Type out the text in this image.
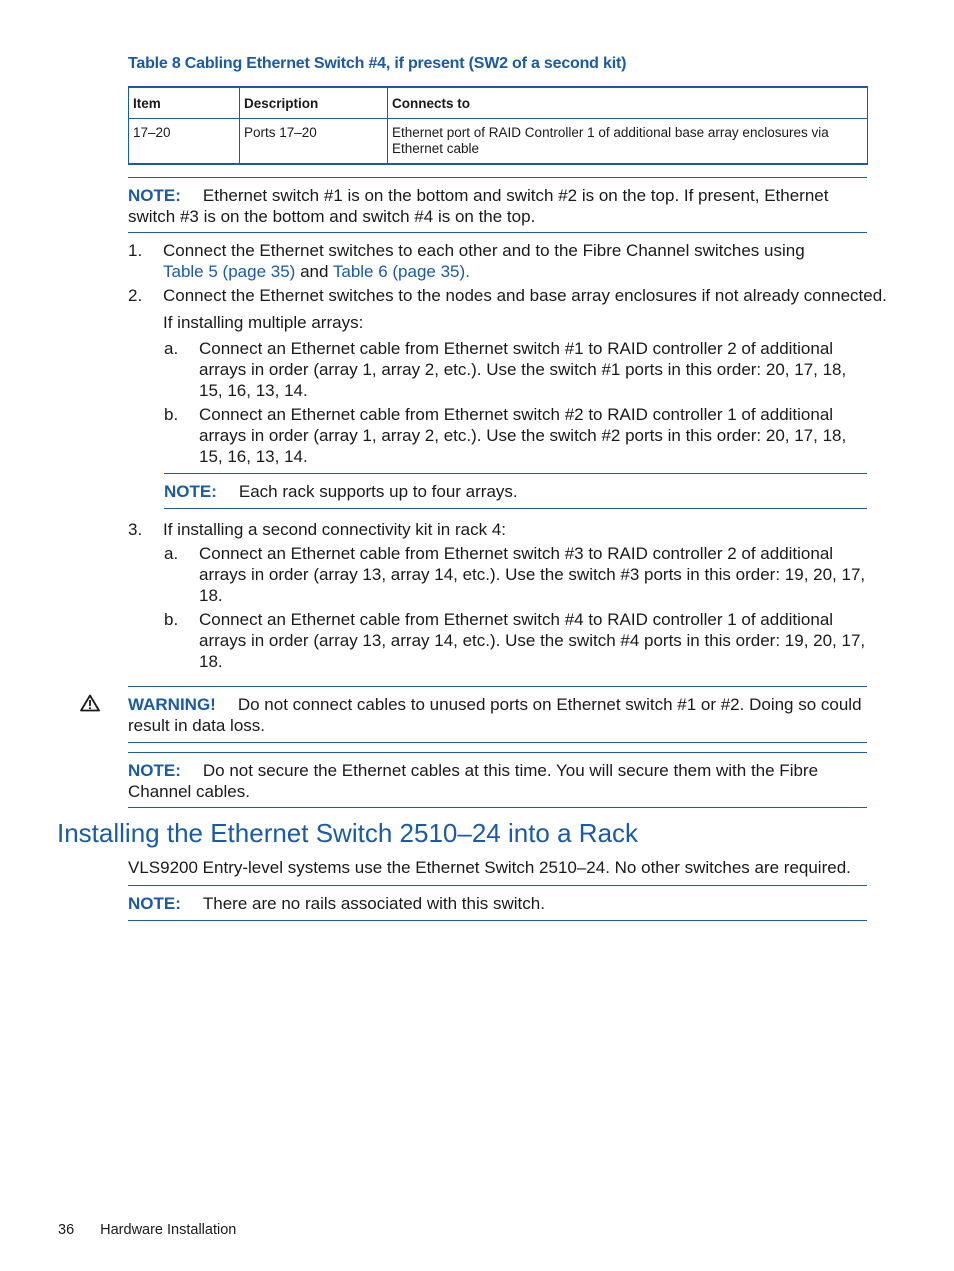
Table 8 Cabling Ethernet Switch #4, if present (SW2 of a second kit)
Item	Description	Connects to
17–20	Ports 17–20	Ethernet port of RAID Controller 1 of additional base array enclosures via Ethernet cable
NOTE: Ethernet switch #1 is on the bottom and switch #2 is on the top. If present, Ethernet switch #3 is on the bottom and switch #4 is on the top.
1. Connect the Ethernet switches to each other and to the Fibre Channel switches using
Table 5 (page 35) and Table 6 (page 35).
2. Connect the Ethernet switches to the nodes and base array enclosures if not already connected.
If installing multiple arrays:
a. Connect an Ethernet cable from Ethernet switch #1 to RAID controller 2 of additional arrays in order (array 1, array 2, etc.). Use the switch #1 ports in this order: 20, 17, 18, 15, 16, 13, 14.
b. Connect an Ethernet cable from Ethernet switch #2 to RAID controller 1 of additional arrays in order (array 1, array 2, etc.). Use the switch #2 ports in this order: 20, 17, 18, 15, 16, 13, 14.
NOTE: Each rack supports up to four arrays.
3. If installing a second connectivity kit in rack 4:
a. Connect an Ethernet cable from Ethernet switch #3 to RAID controller 2 of additional arrays in order (array 13, array 14, etc.). Use the switch #3 ports in this order: 19, 20, 17, 18.
b. Connect an Ethernet cable from Ethernet switch #4 to RAID controller 1 of additional arrays in order (array 13, array 14, etc.). Use the switch #4 ports in this order: 19, 20, 17, 18.
WARNING! Do not connect cables to unused ports on Ethernet switch #1 or #2. Doing so could result in data loss.
NOTE: Do not secure the Ethernet cables at this time. You will secure them with the Fibre Channel cables.
Installing the Ethernet Switch 2510–24 into a Rack
VLS9200 Entry-level systems use the Ethernet Switch 2510–24. No other switches are required.
NOTE: There are no rails associated with this switch.
36 Hardware Installation
